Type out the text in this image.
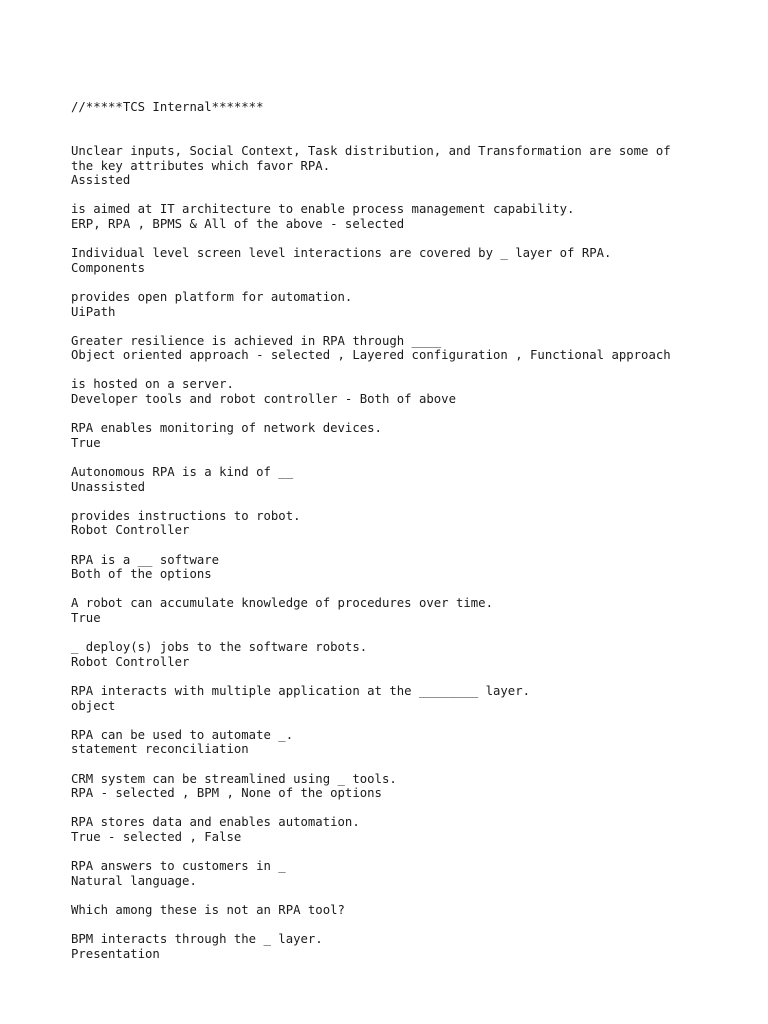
//*****TCS Internal*******

Unclear inputs, Social Context, Task distribution, and Transformation are some of
the key attributes which favor RPA.
Assisted
is aimed at IT architecture to enable process management capability.
ERP, RPA , BPMS & All of the above - selected
Individual level screen level interactions are covered by _ layer of RPA.
Components
provides open platform for automation.
UiPath
Greater resilience is achieved in RPA through ____
Object oriented approach - selected , Layered configuration , Functional approach
is hosted on a server.
Developer tools and robot controller - Both of above
RPA enables monitoring of network devices.
True
Autonomous RPA is a kind of __
Unassisted
provides instructions to robot.
Robot Controller
RPA is a __ software
Both of the options
A robot can accumulate knowledge of procedures over time.
True
_ deploy(s) jobs to the software robots.
Robot Controller
RPA interacts with multiple application at the ________ layer.
object
RPA can be used to automate _.
statement reconciliation
CRM system can be streamlined using _ tools.
RPA - selected , BPM , None of the options
RPA stores data and enables automation.
True - selected , False
RPA answers to customers in _
Natural language.
Which among these is not an RPA tool?
BPM interacts through the _ layer.
Presentation
